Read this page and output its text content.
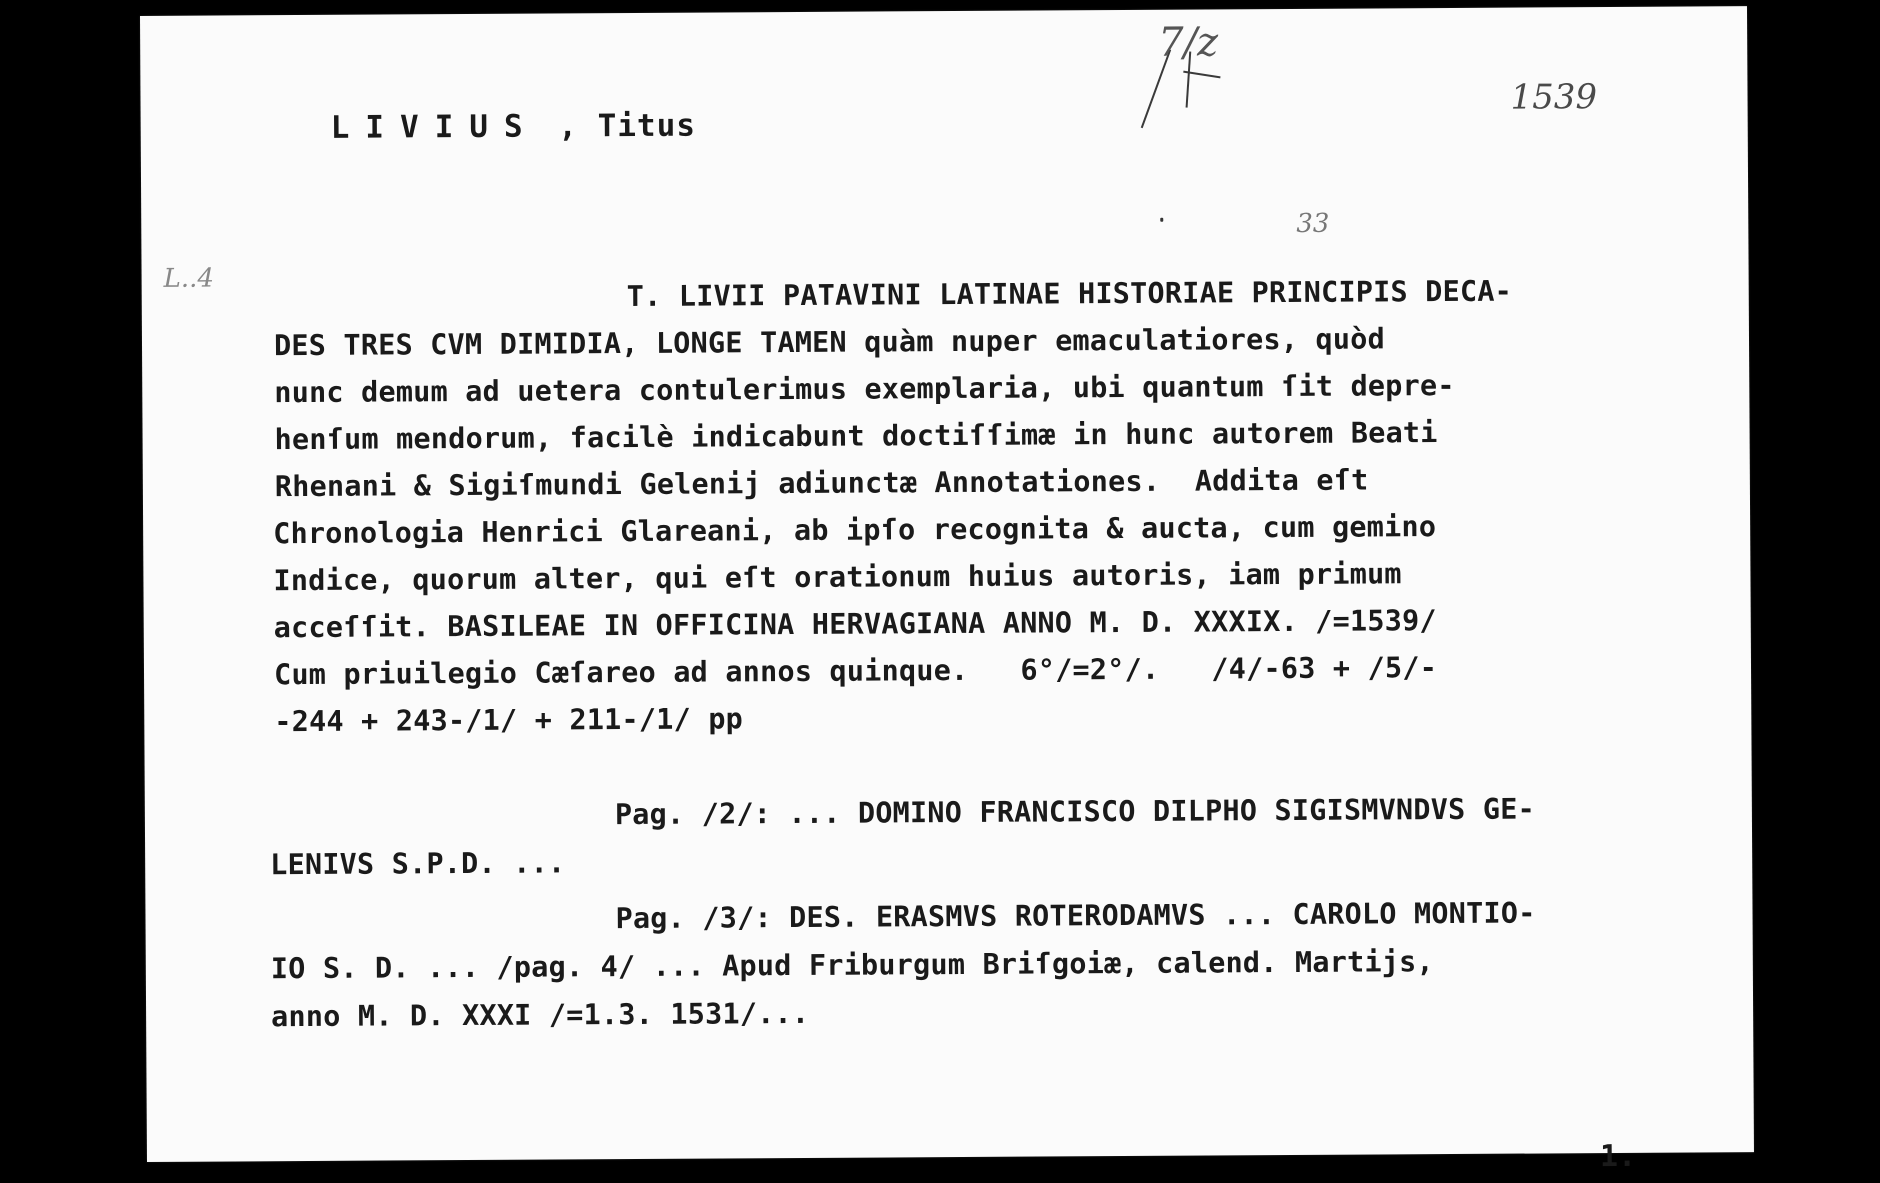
LIVIUS , Titus
7/z
1539
33
L..4	T. LIVII PATAVINI LATINAE HISTORIAE PRINCIPIS DECA-
DES TRES CVM DIMIDIA, LONGE TAMEN quàm nuper emaculatiores, quòd
nunc demum ad uetera contulerimus exemplaria, ubi quantum ſit depre-
henſum mendorum, facilè indicabunt doctiſſimæ in hunc autorem Beati
Rhenani & Sigiſmundi Gelenij adiunctæ Annotationes.  Addita eſt
Chronologia Henrici Glareani, ab ipſo recognita & aucta, cum gemino
Indice, quorum alter, qui eſt orationum huius autoris, iam primum
acceſſit. BASILEAE IN OFFICINA HERVAGIANA ANNO M. D. XXXIX. /=1539/
Cum priuilegio Cæſareo ad annos quinque.   6°/=2°/.   /4/-63 + /5/-
-244 + 243-/1/ + 211-/1/ pp
Pag. /2/: ... DOMINO FRANCISCO DILPHO SIGISMVNDVS GE-
LENIVS S.P.D. ...
Pag. /3/: DES. ERASMVS ROTERODAMVS ... CAROLO MONTIO-
IO S. D. ... /pag. 4/ ... Apud Friburgum Briſgoiæ, calend. Martijs,
anno M. D. XXXI /=1.3. 1531/...
1.
